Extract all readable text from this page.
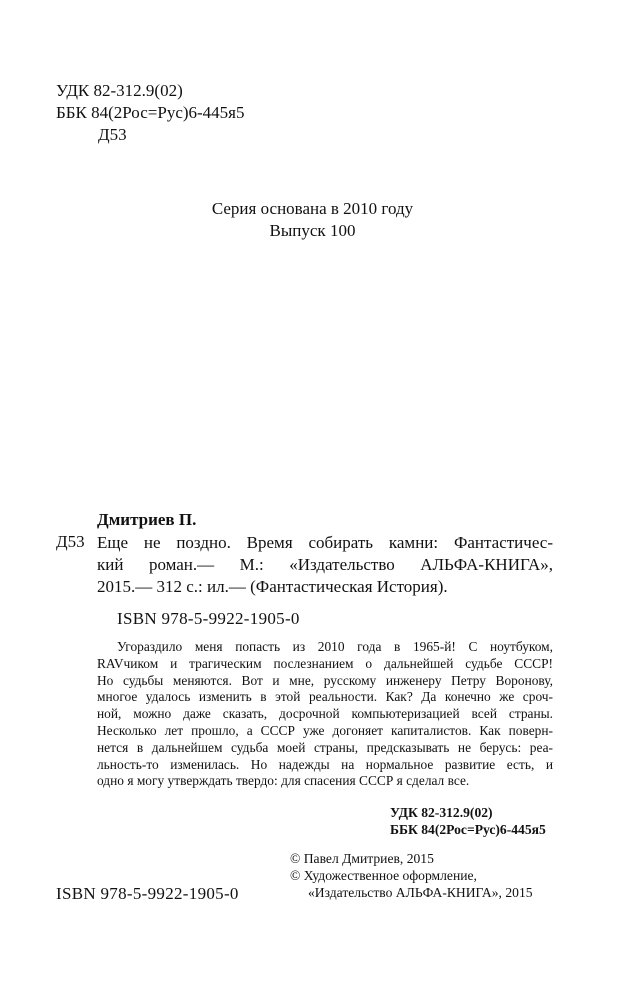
УДК 82-312.9(02)
ББК 84(2Рос=Рус)6-445я5
Д53
Серия основана в 2010 году
Выпуск 100
Дмитриев П.
Д53 Еще не поздно. Время собирать камни: Фантастичес-

кий роман.— М.: «Издательство АЛЬФА-КНИГА»,

2015.— 312 с.: ил.— (Фантастическая История).

ISBN 978-5-9922-1905-0

Угораздило меня попасть из 2010 года в 1965-й! С ноутбуком,

RAVчиком и трагическим послезнанием о дальнейшей судьбе СССР!

Но судьбы меняются. Вот и мне, русскому инженеру Петру Воронову,

многое удалось изменить в этой реальности. Как? Да конечно же сроч-

ной, можно даже сказать, досрочной компьютеризацией всей страны.

Несколько лет прошло, а СССР уже догоняет капиталистов. Как поверн-

нется в дальнейшем судьба моей страны, предсказывать не берусь: реа-

льность-то изменилась. Но надежды на нормальное развитие есть, и

одно я могу утверждать твердо: для спасения СССР я сделал все.

УДК 82-312.9(02)
ББК 84(2Рос=Рус)6-445я5
© Павел Дмитриев, 2015
© Художественное оформление,
«Издательство АЛЬФА-КНИГА», 2015
ISBN 978-5-9922-1905-0
